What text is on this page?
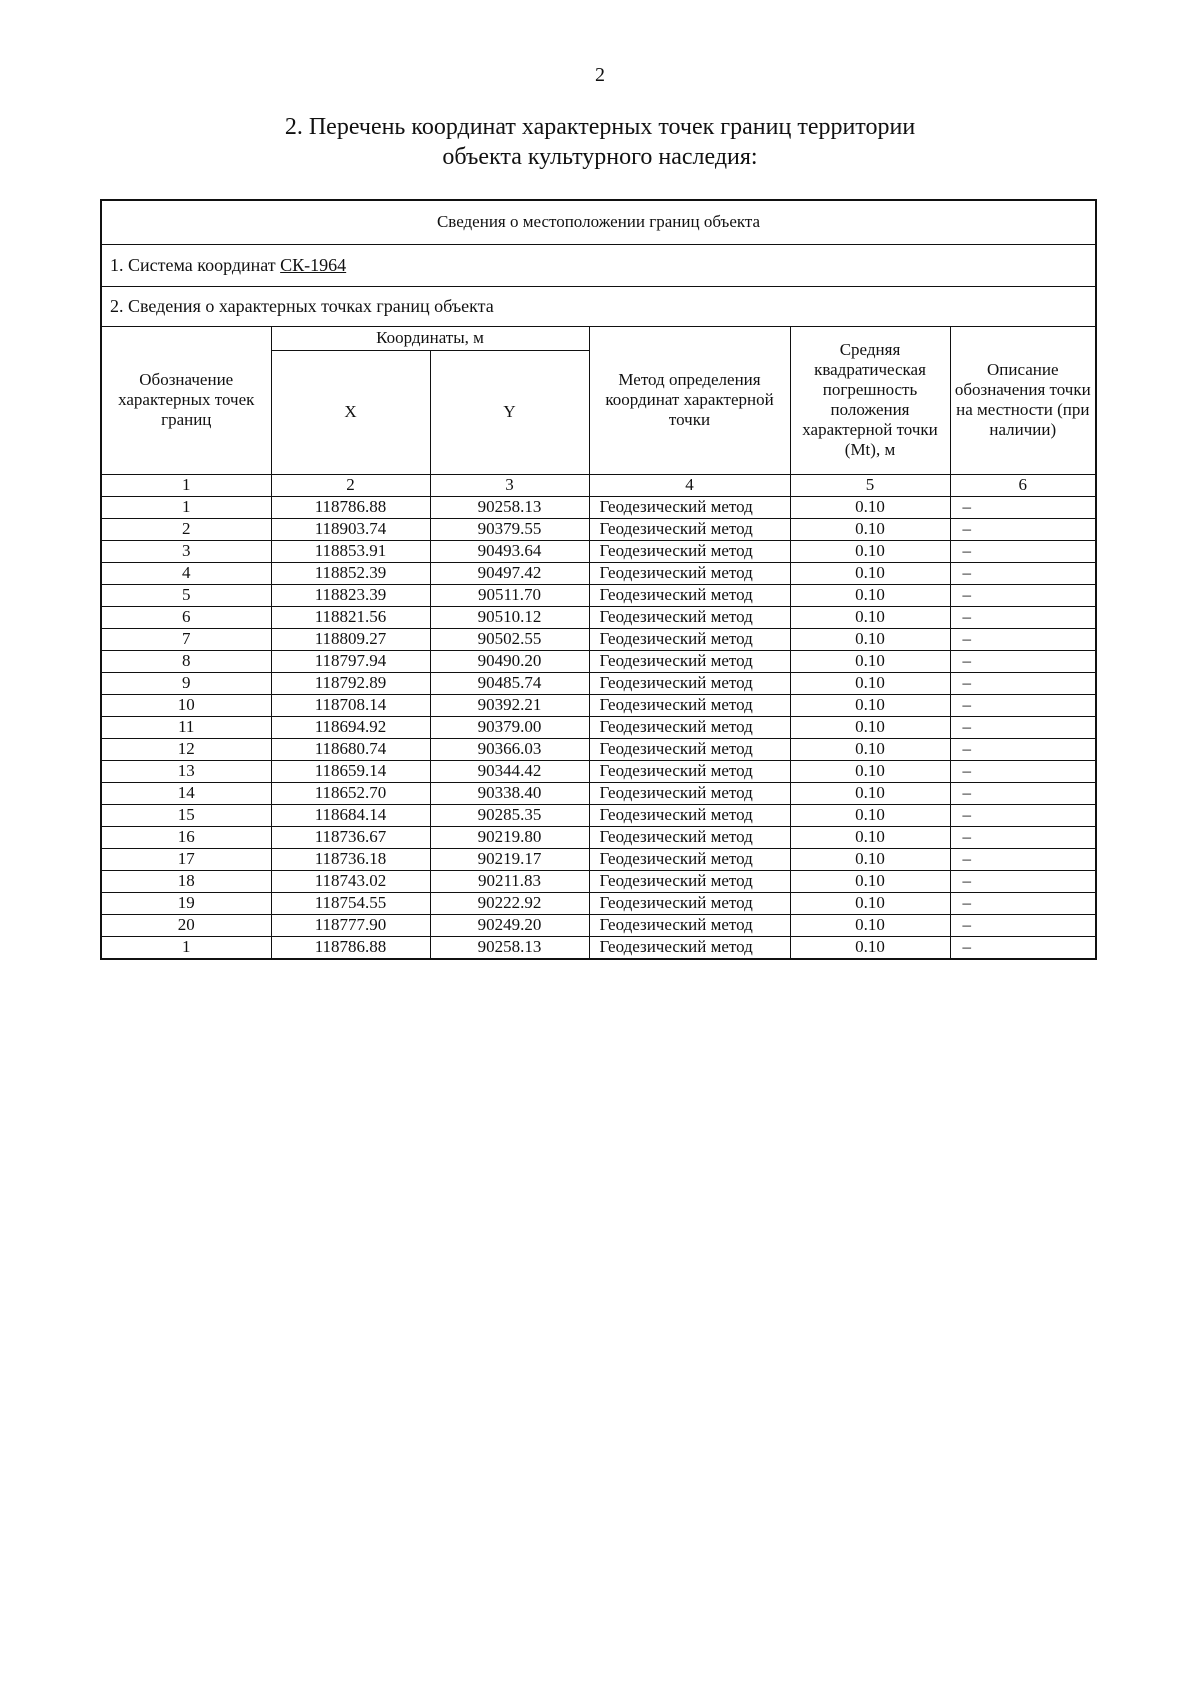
2
2. Перечень координат характерных точек границ территории
объекта культурного наследия:
Сведения о местоположении границ объекта					
1. Система координат СК-1964					
2. Сведения о характерных точках границ объекта					
Обозначение характерных точек границ	Координаты, м		Метод определения координат характерной точки	Средняя квадратическая погрешность положения характерной точки (Mt), м	Описание обозначения точки на местности (при наличии)
	X	Y			
1	2	3	4	5	6
1	118786.88	90258.13	Геодезический метод	0.10	–
2	118903.74	90379.55	Геодезический метод	0.10	–
3	118853.91	90493.64	Геодезический метод	0.10	–
4	118852.39	90497.42	Геодезический метод	0.10	–
5	118823.39	90511.70	Геодезический метод	0.10	–
6	118821.56	90510.12	Геодезический метод	0.10	–
7	118809.27	90502.55	Геодезический метод	0.10	–
8	118797.94	90490.20	Геодезический метод	0.10	–
9	118792.89	90485.74	Геодезический метод	0.10	–
10	118708.14	90392.21	Геодезический метод	0.10	–
11	118694.92	90379.00	Геодезический метод	0.10	–
12	118680.74	90366.03	Геодезический метод	0.10	–
13	118659.14	90344.42	Геодезический метод	0.10	–
14	118652.70	90338.40	Геодезический метод	0.10	–
15	118684.14	90285.35	Геодезический метод	0.10	–
16	118736.67	90219.80	Геодезический метод	0.10	–
17	118736.18	90219.17	Геодезический метод	0.10	–
18	118743.02	90211.83	Геодезический метод	0.10	–
19	118754.55	90222.92	Геодезический метод	0.10	–
20	118777.90	90249.20	Геодезический метод	0.10	–
1	118786.88	90258.13	Геодезический метод	0.10	–
